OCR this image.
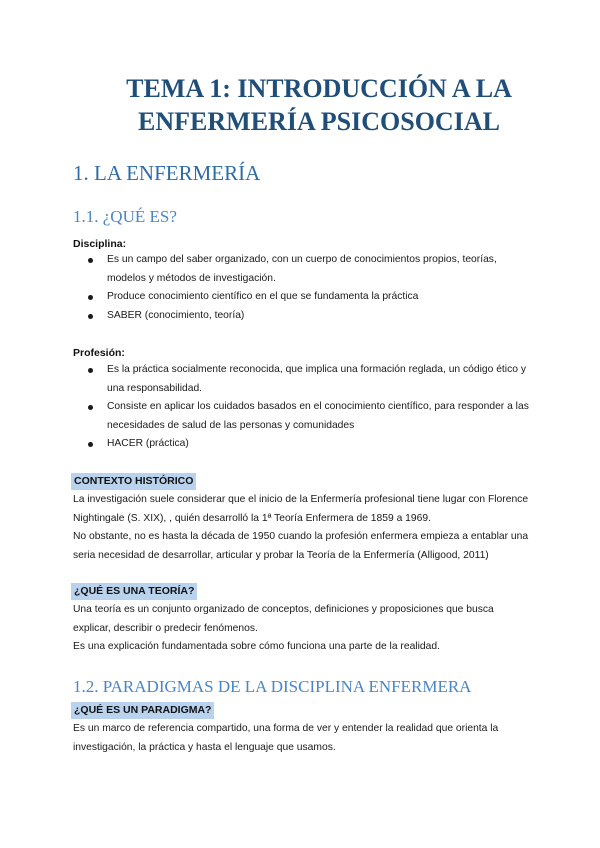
TEMA 1: INTRODUCCIÓN A LA
ENFERMERÍA PSICOSOCIAL
1. LA ENFERMERÍA
1.1. ¿QUÉ ES?

Disciplina:

Es un campo del saber organizado, con un cuerpo de conocimientos propios, teorías, modelos y métodos de investigación.
Produce conocimiento científico en el que se fundamenta la práctica
SABER (conocimiento, teoría)

Profesión:

Es la práctica socialmente reconocida, que implica una formación reglada, un código ético y una responsabilidad.
Consiste en aplicar los cuidados basados en el conocimiento científico, para responder a las necesidades de salud de las personas y comunidades
HACER (práctica)

CONTEXTO HISTÓRICO

La investigación suele considerar que el inicio de la Enfermería profesional tiene lugar con Florence Nightingale (S. XIX), , quién desarrolló la 1ª Teoría Enfermera de 1859 a 1969.

No obstante, no es hasta la década de 1950 cuando la profesión enfermera empieza a entablar una seria necesidad de desarrollar, articular y probar la Teoría de la Enfermería (Alligood, 2011)

¿QUÉ ES UNA TEORÍA?

Una teoría es un conjunto organizado de conceptos, definiciones y proposiciones que busca explicar, describir o predecir fenómenos.

Es una explicación fundamentada sobre cómo funciona una parte de la realidad.

1.2. PARADIGMAS DE LA DISCIPLINA ENFERMERA

¿QUÉ ES UN PARADIGMA?

Es un marco de referencia compartido, una forma de ver y entender la realidad que orienta la investigación, la práctica y hasta el lenguaje que usamos.
